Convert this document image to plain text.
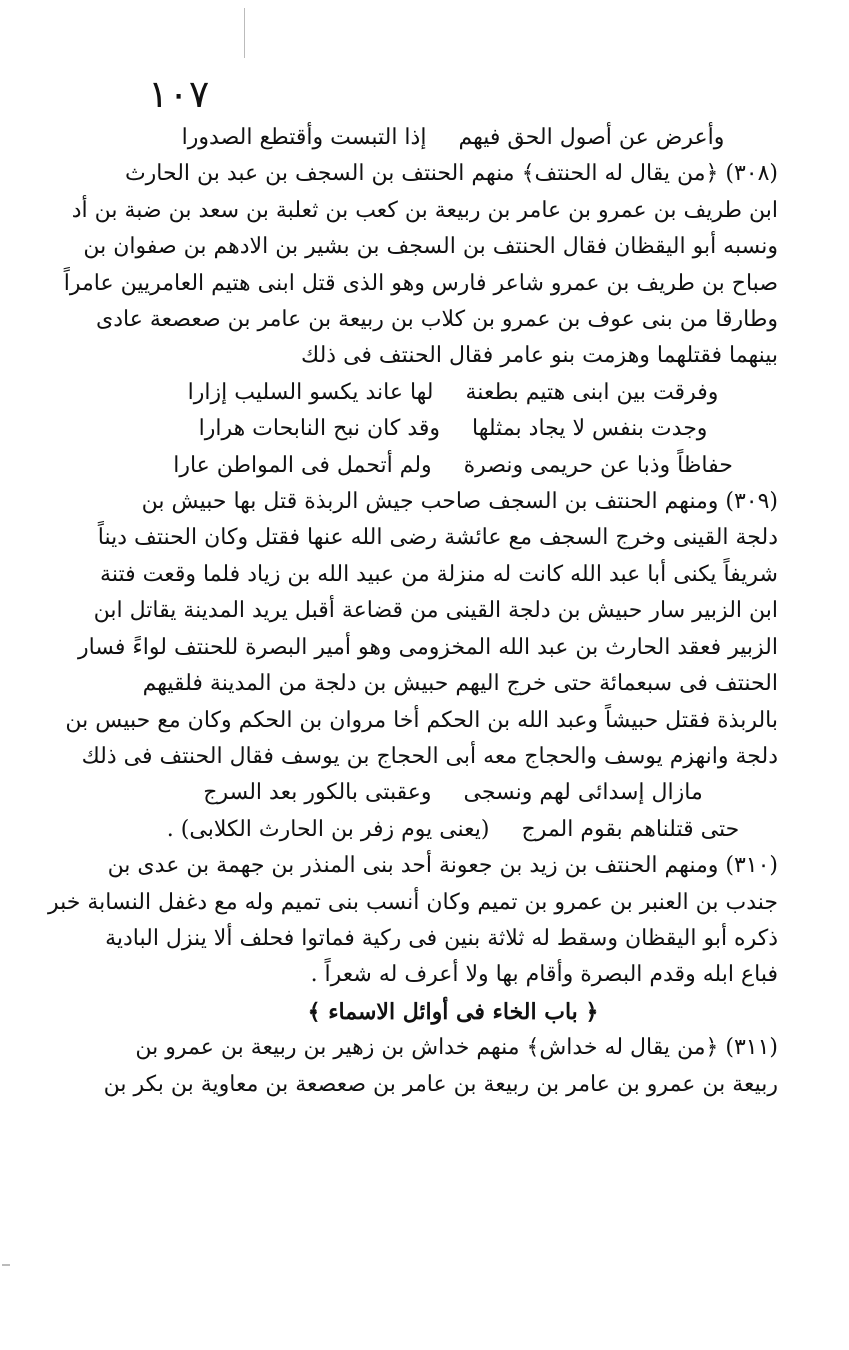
١٠٧
وأعرض عن أصول الحق فيهم
إذا التبست وأقتطع الصدورا
(٣٠٨) ﴿من يقال له الحنتف﴾ منهم الحنتف بن السجف بن عبد بن الحارث
ابن طريف بن عمرو بن عامر بن ربيعة بن كعب بن ثعلبة بن سعد بن ضبة بن أد
ونسبه أبو اليقظان فقال الحنتف بن السجف بن بشير بن الادهم بن صفوان بن
صباح بن طريف بن عمرو شاعر فارس وهو الذى قتل ابنى هتيم العامريين عامراً
وطارقا من بنى عوف بن عمرو بن كلاب بن ربيعة بن عامر بن صعصعة عادى
بينهما فقتلهما وهزمت بنو عامر فقال الحنتف فى ذلك
وفرقت بين ابنى هتيم بطعنة
لها عاند يكسو السليب إزارا
وجدت بنفس لا يجاد بمثلها
وقد كان نبح النابحات هرارا
حفاظاً وذبا عن حريمى ونصرة
ولم أتحمل فى المواطن عارا
(٣٠٩) ومنهم الحنتف بن السجف صاحب جيش الربذة قتل بها حبيش بن
دلجة القينى وخرج السجف مع عائشة رضى الله عنها فقتل وكان الحنتف ديناً
شريفاً يكنى أبا عبد الله كانت له منزلة من عبيد الله بن زياد فلما وقعت فتنة
ابن الزبير سار حبيش بن دلجة القينى من قضاعة أقبل يريد المدينة يقاتل ابن
الزبير فعقد الحارث بن عبد الله المخزومى وهو أمير البصرة للحنتف لواءً فسار
الحنتف فى سبعمائة حتى خرج اليهم حبيش بن دلجة من المدينة فلقيهم
بالربذة فقتل حبيشاً وعبد الله بن الحكم أخا مروان بن الحكم وكان مع حبيس بن
دلجة وانهزم يوسف والحجاج معه أبى الحجاج بن يوسف فقال الحنتف فى ذلك
مازال إسدائى لهم ونسجى
وعقبتى بالكور بعد السرج
حتى قتلناهم بقوم المرج
(يعنى يوم زفر بن الحارث الكلابى) .
(٣١٠) ومنهم الحنتف بن زيد بن جعونة أحد بنى المنذر بن جهمة بن عدى بن
جندب بن العنبر بن عمرو بن تميم وكان أنسب بنى تميم وله مع دغفل النسابة خبر
ذكره أبو اليقظان وسقط له ثلاثة بنين فى ركية فماتوا فحلف ألا ينزل البادية
فباع ابله وقدم البصرة وأقام بها ولا أعرف له شعراً .
﴿ باب الخاء فى أوائل الاسماء ﴾
(٣١١) ﴿من يقال له خداش﴾ منهم خداش بن زهير بن ربيعة بن عمرو بن
ربيعة بن عمرو بن عامر بن ربيعة بن عامر بن صعصعة بن معاوية بن بكر بن
